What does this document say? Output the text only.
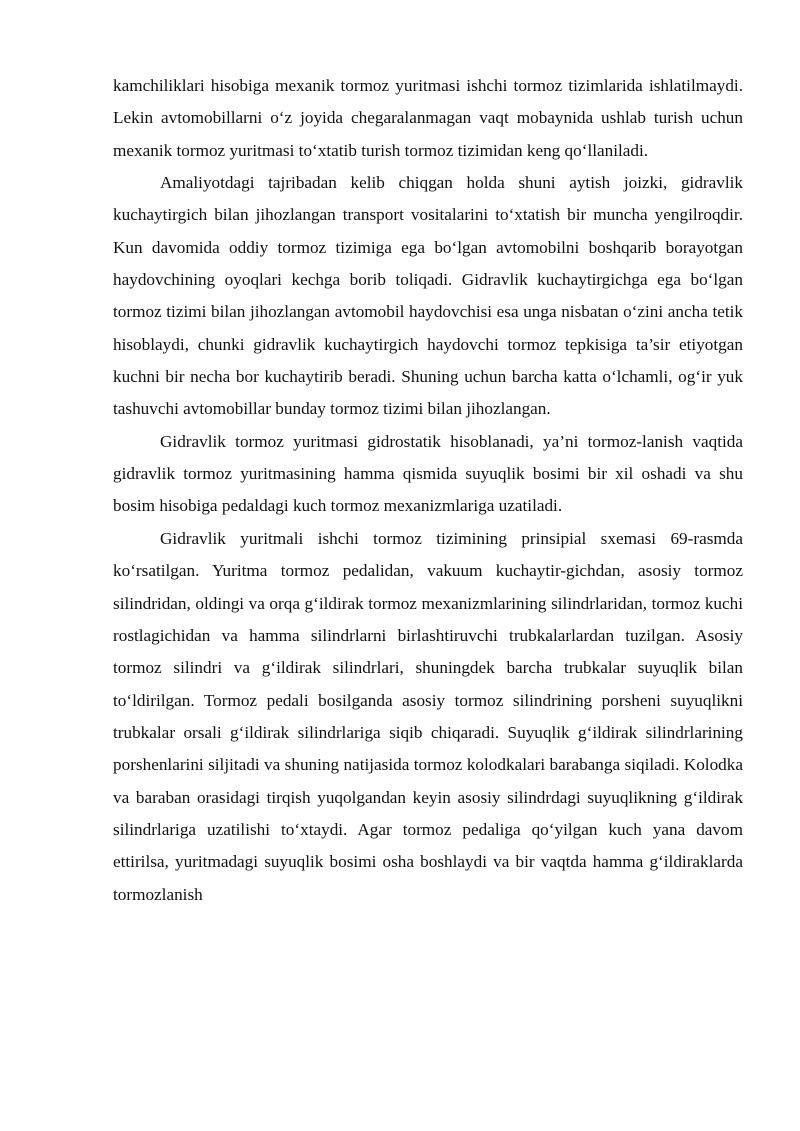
kamchiliklari hisobiga mexanik tormoz yuritmasi ishchi tormoz tizimlarida ishlatilmaydi. Lekin avtomobillarni o‘z joyida chegaralanmagan vaqt mobaynida ushlab turish uchun mexanik tormoz yuritmasi to‘xtatib turish tormoz tizimidan keng qo‘llaniladi.

Amaliyotdagi tajribadan kelib chiqgan holda shuni aytish joizki, gidravlik kuchaytirgich bilan jihozlangan transport vositalarini to‘xtatish bir muncha yengilroqdir. Kun davomida oddiy tormoz tizimiga ega bo‘lgan avtomobilni boshqarib borayotgan haydovchining oyoqlari kechga borib toliqadi. Gidravlik kuchaytirgichga ega bo‘lgan tormoz tizimi bilan jihozlangan avtomobil haydovchisi esa unga nisbatan o‘zini ancha tetik hisoblaydi, chunki gidravlik kuchaytirgich haydovchi tormoz tepkisiga ta’sir etiyotgan kuchni bir necha bor kuchaytirib beradi. Shuning uchun barcha katta o‘lchamli, og‘ir yuk tashuvchi avtomobillar bunday tormoz tizimi bilan jihozlangan.

Gidravlik tormoz yuritmasi gidrostatik hisoblanadi, ya’ni tormoz-lanish vaqtida gidravlik tormoz yuritmasining hamma qismida suyuqlik bosimi bir xil oshadi va shu bosim hisobiga pedaldagi kuch tormoz mexanizmlariga uzatiladi.

Gidravlik yuritmali ishchi tormoz tizimining prinsipial sxemasi 69-rasmda ko‘rsatilgan. Yuritma tormoz pedalidan, vakuum kuchaytir-gichdan, asosiy tormoz silindridan, oldingi va orqa g‘ildirak tormoz mexanizmlarining silindrlaridan, tormoz kuchi rostlagichidan va hamma silindrlarni birlashtiruvchi trubkalarlardan tuzilgan. Asosiy tormoz silindri va g‘ildirak silindrlari, shuningdek barcha trubkalar suyuqlik bilan to‘ldirilgan. Tormoz pedali bosilganda asosiy tormoz silindrining porsheni suyuqlikni trubkalar orsali g‘ildirak silindrlariga siqib chiqaradi. Suyuqlik g‘ildirak silindrlarining porshenlarini siljitadi va shuning natijasida tormoz kolodkalari barabanga siqiladi. Kolodka va baraban orasidagi tirqish yuqolgandan keyin asosiy silindrdagi suyuqlikning g‘ildirak silindrlariga uzatilishi to‘xtaydi. Agar tormoz pedaliga qo‘yilgan kuch yana davom ettirilsa, yuritmadagi suyuqlik bosimi osha boshlaydi va bir vaqtda hamma g‘ildiraklarda tormozlanish
